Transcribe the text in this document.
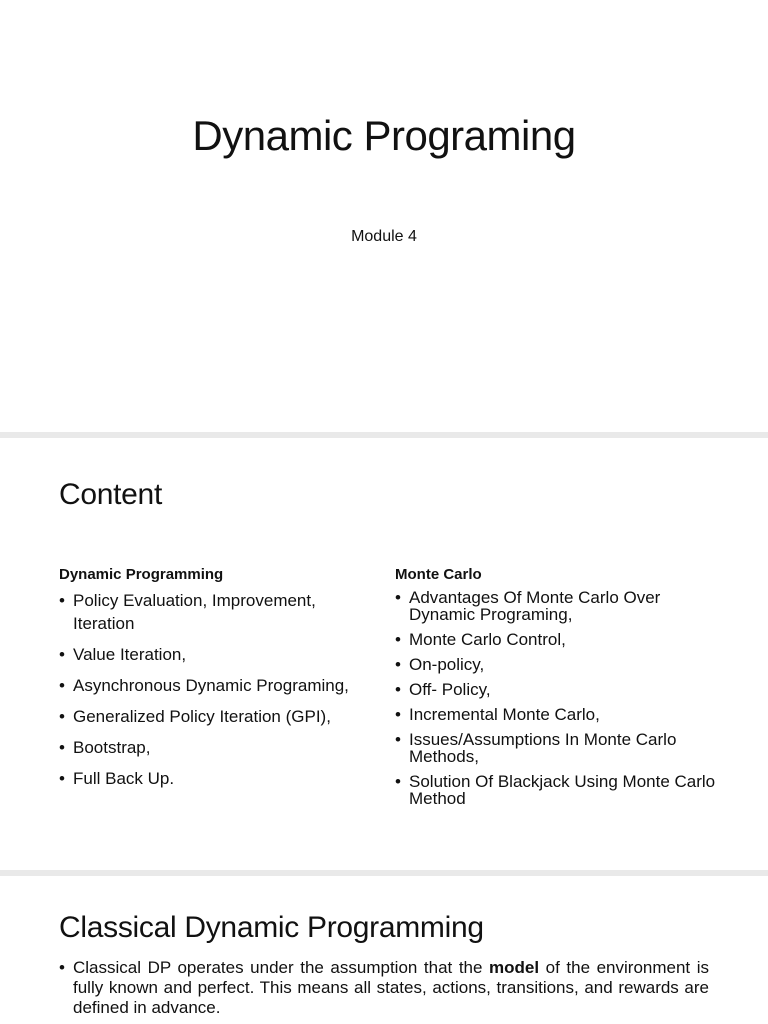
Dynamic Programing
Module 4
Content
Dynamic Programming
• Policy Evaluation, Improvement, Iteration
• Value Iteration,
• Asynchronous Dynamic Programing,
• Generalized Policy Iteration (GPI),
• Bootstrap,
• Full Back Up.
Monte Carlo
• Advantages Of Monte Carlo Over Dynamic Programing,
• Monte Carlo Control,
• On-policy,
• Off- Policy,
• Incremental Monte Carlo,
• Issues/Assumptions In Monte Carlo Methods,
• Solution Of Blackjack Using Monte Carlo Method
Classical Dynamic Programming
• Classical DP operates under the assumption that the model of the environment is fully known and perfect. This means all states, actions, transitions, and rewards are defined in advance.
